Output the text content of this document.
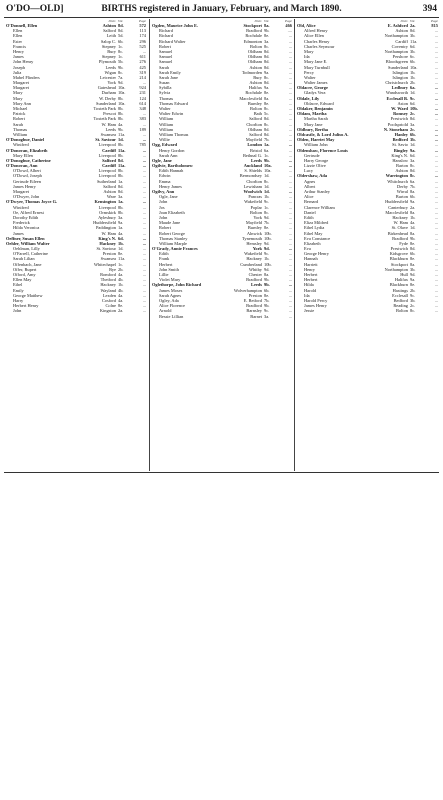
O'DO—OLD]	BIRTHS registered in January, February, and March 1890.	394
Distr. Vol.	Page
O'Donnell, Ellen	Ashton 8d.	572
Ellen	Salford 8d.	113
Ellen	Leith 5d.	174
Ester	Salop C. 6b.	296
Francis	Stepney 1c.	525
Henry	Bury 8c.	...
James	Stepney 1c.	611
John Henry	Plymouth 5b.	276
Joseph	Leeds 9b.	425
Julia	Wigan 8c.	319
Mabel Flinders	Leicester 7a.	214
Margaret	York 9d.	...
Margaret	Gateshead 10a.	924
Mary	Durham 10a.	231
Mary	W. Derby 8b.	124
Mary Ann	Sunderland 10a.	614
Michael	Toxteth Park 8b.	348
Patrick	Prescot 8b.	...
Robert	Toxteth Park 8b.	383
Sarah	W. Ham 4a.	...
Thomas	Leeds 9b.	189
William	Swansea 11a.	...
O'Donoghue, Daniel	St. Saviour 1d.	...
Winifred	Liverpool 8b.	785
O'Donovan, Elizabeth	Cardiff 11a.	...
Mary Ellen	Liverpool 8b.	...
O'Donoghue, Catherine	Salford 8d.	...
O'Donovan, Ann	Cardiff 11a.	...
O'Dowd, Albert	Liverpool 8b.	...
O'Dowd, Joseph	Liverpool 8b.	...
Gertrude Eileen	Sutherland 1a.	...
James Henry	Salford 8d.	...
Margaret	Ashton 8d.	...
O'Dwyer, John	Ware 3a.	...
O'Dwyer, Thomas Joyce G.	Kensington 1a.	...
Winifred	Liverpool 8b.	...
Oe, Alfred Ernest	Ormskirk 8b.	...
Dorothy Edith	Aylesbury 3a.	...
Frederick	Huddersfield 9a.	...
Hilda Veronica	Paddington 1a.	...
James	W. Ham 4a.	...
Oeffner, Susan Ellen	King's N. 6d.	...
Oehler, William Walter	Hackney 1b.	...
Oehlman, Lilly	St. Saviour 1d.	...
O'Farrell, Catherine	Preston 8e.	...
Sarah Lilian	Swansea 11a.	...
Offenbach, Jane	Whitechapel 1c.	...
Offer, Rupert	Rye 2b.	...
Offord, Amy	Romford 4a.	...
Ellen May	Thetford 4b.	...
Ethel	Hackney 1b.	...
Emily	Wayland 4b.	...
George Matthew	Lexden 4a.	...
Harry	Cosford 4a.	...
Herbert Henry	Colne 8e.	...
John	Kingston 2a.	...
Distr. Vol.	Page
Ogden, Maurice John E.	Stockport 8a.	466
Richard	Bradford 9b.	....
Richard	Rochdale 8e.	...
Richard Walter	Edmonton 3a.	...
Robert	Bolton 8c.	...
Samuel	Oldham 8d.	...
Samuel	Oldham 8d.	...
Samuel	Oldham 8d.	...
Sarah	Ashton 8d.	...
Sarah Emily	Todmorden 9a.	...
Sarah Jane	Bury 8c.	...
Susan	Ashton 8d.	...
Sybilla	Halifax 9a.	...
Sylvia	Rochdale 8e.	...
Thomas	Macclesfield 8a.	...
Thomas Edward	Burnley 8e.	...
Walter	Bolton 8c.	...
Walter Edwin	Bath 5c.	...
William	Salford 8d.	...
William	Chorlton 8c.	...
William	Oldham 8d.	...
William Thomas	Salford 8d.	...
Willie	Mayfield 7b.	...
Ogg, Edward	London 1a.	...
Henry Gordon	Bristol 6a.	...
Sarah Ann	Bethnal G. 1c.	...
Ogle, Jane	Leeds 9b.	...
Ogilvie, Bartholomew	Auckland 10a.	...
Edith Hannah	S. Shields 10a.	...
Edwin	Bermondsey 1d.	...
Emma	Chorlton 8c.	...
Henry James	Lewisham 1d.	...
Ogilvy, Ann	Woolwich 1d.	...
Ogle, Jane	Pancras 1b.	...
John	Wakefield 9c.	...
Jos	Poplar 1c.	...
Joan Elizabeth	Bolton 8c.	...
John	York 9d.	...
Maude Jane	Mayfield 7b.	...
Robert	Burnley 8e.	...
Robert George	Alnwick 10b.	...
Thomas Stanley	Tynemouth 10b.	...
William Marple	Hemsley 9d.	...
O'Grady, Annie Frances	York 9d.	...
Edith	Wakefield 9c.	...
Frank	Hackney 1b.	...
Herbert	Cumberland 10b.	...
John Smith	Whitby 9d.	...
Lillie	Chester 8a.	...
Violet Mary	Bradford 9b.	...
Oglethorpe, John Richard	Leeds 9b.	...
James Moses	Wolverhampton 6b.	...
Sarah Agnes	Preston 8e.	...
Ogley, Ada	E. Retford 7b.	...
Alice Florence	Bradford 9b.	...
Arnold	Barnsley 9c.	...
Bessie Lillian	Barnet 3a.	...
Distr. Vol.	Page
Old, Alice	E. Ashford 2a.	815
Alfred Henry	Ashton 8d.	...
Alice Ellen	Northampton 3b.	...
Charles Henry	Cardiff 11a.	...
Charles Seymour	Coventry 6d.	...
Mary	Northampton 3b.	...
Ida	Pershore 6c.	...
Mary Jane E.	Bloodsgreen 6b.	...
Mary Turnbull	Sunderland 10a.	...
Percy	Islington 1b.	...
Walter	Islington 1b.	...
Walter James	Christchurch 2b.	...
Oldacre, George	Ledbury 6a.	...
Gladys Vera	Wandsworth 1d.	...
Oldale, Lily	Ecclesall B. 9c.	...
Oldacre, Edward	Aston 6d.	...
Oldaker, Benjamin	W. Ward 10b.	...
Oldam, Martha	Romsey 2c.	...
Martha Sarah	Prestwich 8d.	...
Mary Jane	Poolspriold 3a.	...
Oldbury, Bertha	N. Stoneham 2c.	...
Oldcastle, & Lord Julius A.	Hanley 6b.	...
Olden, Harriet May	Bedford 3b.	...
William John	St. Savio 1d.	...
Oldenshaw, Florence Louis	Bingley 9a.	...
Gertrude	King's N. 6d.	...
Harry George	Hanslow 3a.	...
Lizzie Olive	Barton 8c.	...
Lucy	Ashton 8d.	...
Oldershaw, Ada	Warrington 8c.	...
Agnes	Whitchurch 6a.	...
Albert	Derby 7b.	...
Arthur Stanley	Wirral 8a.	...
Alice	Burton 6b.	...
Bernard	Huddersfield 9a.	...
Clarence William	Canterbury 2a.	...
Daniel	Macclesfield 8a.	...
Edith	Hackney 1b.	...
Eliza Mildred	W. Ham 4a.	...
Ethel Lydia	St. Olave 1d.	...
Ethel May	Birkenhead 8a.	...
Eva Constance	Bradford 9b.	...
Elizabeth	Fyde 8e.	...
Eva	Prestwich 8d.	...
George Henry	Kidsgrove 6b.	...
Hannah	Blackburn 8e.	...
Harriett	Stockport 8a.	...
Henry	Northampton 3b.	...
Herbert	Hull 9d.	...
Herbert	Halifax 9a.	...
Hilda	Blackburn 8e.	...
Harold	Hastings 2b.	...
Ida	Ecclesall 9c.	...
Harold Percy	Bedford 3b.	...
James Henry	Reading 2c.	...
Jessie	Bolton 8c.	...
